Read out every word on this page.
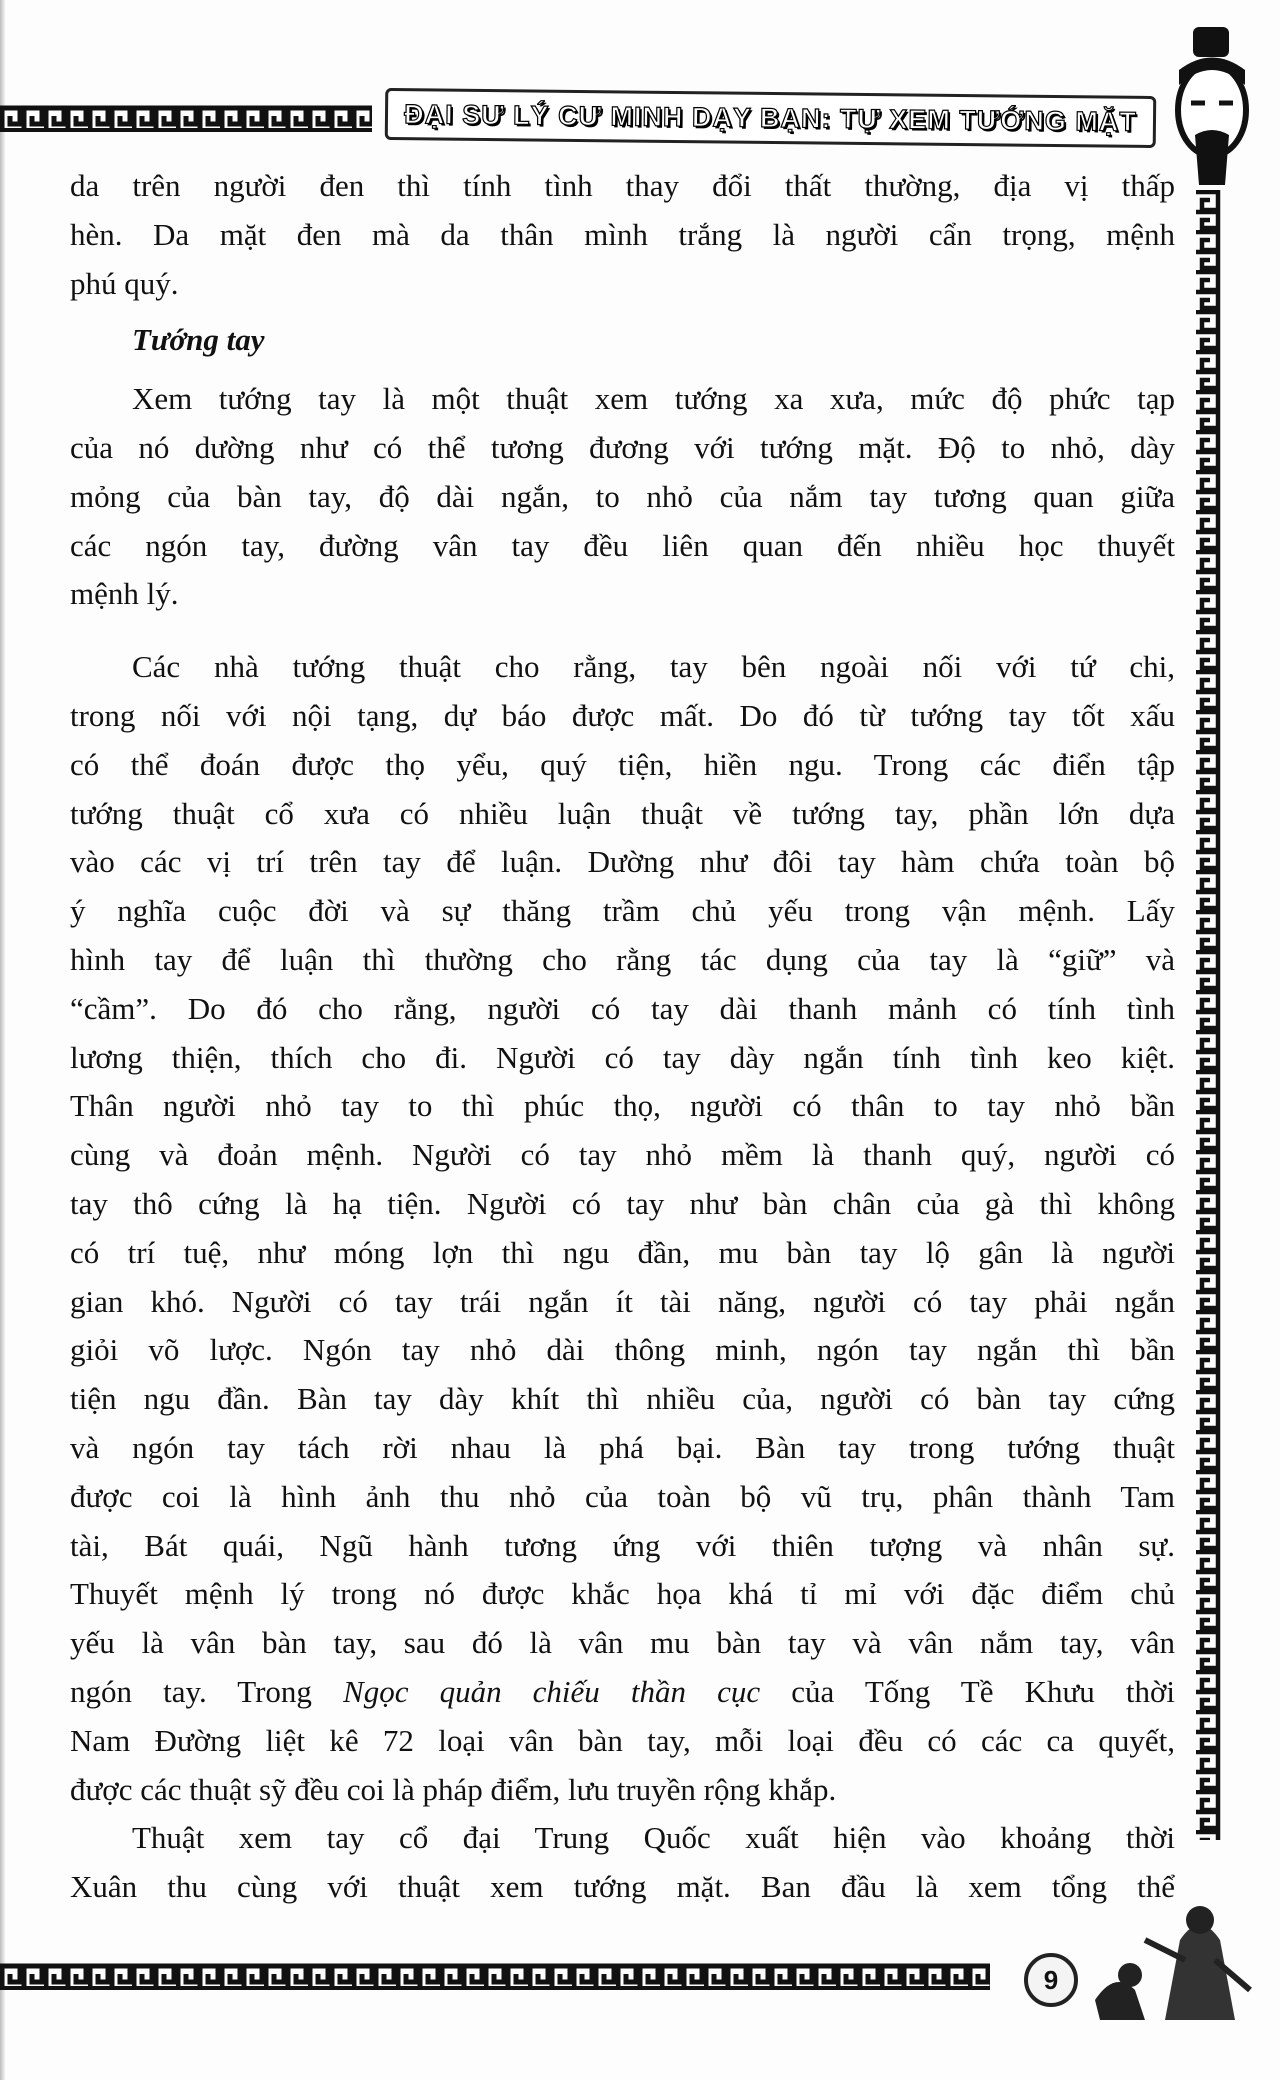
ĐẠI SƯ LÝ CƯ MINH DẠY BẠN: TỰ XEM TƯỚNG MẶT
da trên người đen thì tính tình thay đổi thất thường, địa vị thấp
hèn. Da mặt đen mà da thân mình trắng là người cẩn trọng, mệnh
phú quý.
Tướng tay
Xem tướng tay là một thuật xem tướng xa xưa, mức độ phức tạp
của nó dường như có thể tương đương với tướng mặt. Độ to nhỏ, dày
mỏng của bàn tay, độ dài ngắn, to nhỏ của nắm tay tương quan giữa
các ngón tay, đường vân tay đều liên quan đến nhiều học thuyết
mệnh lý.
Các nhà tướng thuật cho rằng, tay bên ngoài nối với tứ chi,
trong nối với nội tạng, dự báo được mất. Do đó từ tướng tay tốt xấu
có thể đoán được thọ yểu, quý tiện, hiền ngu. Trong các điển tập
tướng thuật cổ xưa có nhiều luận thuật về tướng tay, phần lớn dựa
vào các vị trí trên tay để luận. Dường như đôi tay hàm chứa toàn bộ
ý nghĩa cuộc đời và sự thăng trầm chủ yếu trong vận mệnh. Lấy
hình tay để luận thì thường cho rằng tác dụng của tay là “giữ” và
“cầm”. Do đó cho rằng, người có tay dài thanh mảnh có tính tình
lương thiện, thích cho đi. Người có tay dày ngắn tính tình keo kiệt.
Thân người nhỏ tay to thì phúc thọ, người có thân to tay nhỏ bần
cùng và đoản mệnh. Người có tay nhỏ mềm là thanh quý, người có
tay thô cứng là hạ tiện. Người có tay như bàn chân của gà thì không
có trí tuệ, như móng lợn thì ngu đần, mu bàn tay lộ gân là người
gian khó. Người có tay trái ngắn ít tài năng, người có tay phải ngắn
giỏi võ lược. Ngón tay nhỏ dài thông minh, ngón tay ngắn thì bần
tiện ngu đần. Bàn tay dày khít thì nhiều của, người có bàn tay cứng
và ngón tay tách rời nhau là phá bại. Bàn tay trong tướng thuật
được coi là hình ảnh thu nhỏ của toàn bộ vũ trụ, phân thành Tam
tài, Bát quái, Ngũ hành tương ứng với thiên tượng và nhân sự.
Thuyết mệnh lý trong nó được khắc họa khá tỉ mỉ với đặc điểm chủ
yếu là vân bàn tay, sau đó là vân mu bàn tay và vân nắm tay, vân
ngón tay. Trong Ngọc quản chiếu thần cục của Tống Tề Khưu thời
Nam Đường liệt kê 72 loại vân bàn tay, mỗi loại đều có các ca quyết,
được các thuật sỹ đều coi là pháp điểm, lưu truyền rộng khắp.
Thuật xem tay cổ đại Trung Quốc xuất hiện vào khoảng thời
Xuân thu cùng với thuật xem tướng mặt. Ban đầu là xem tổng thể
9
